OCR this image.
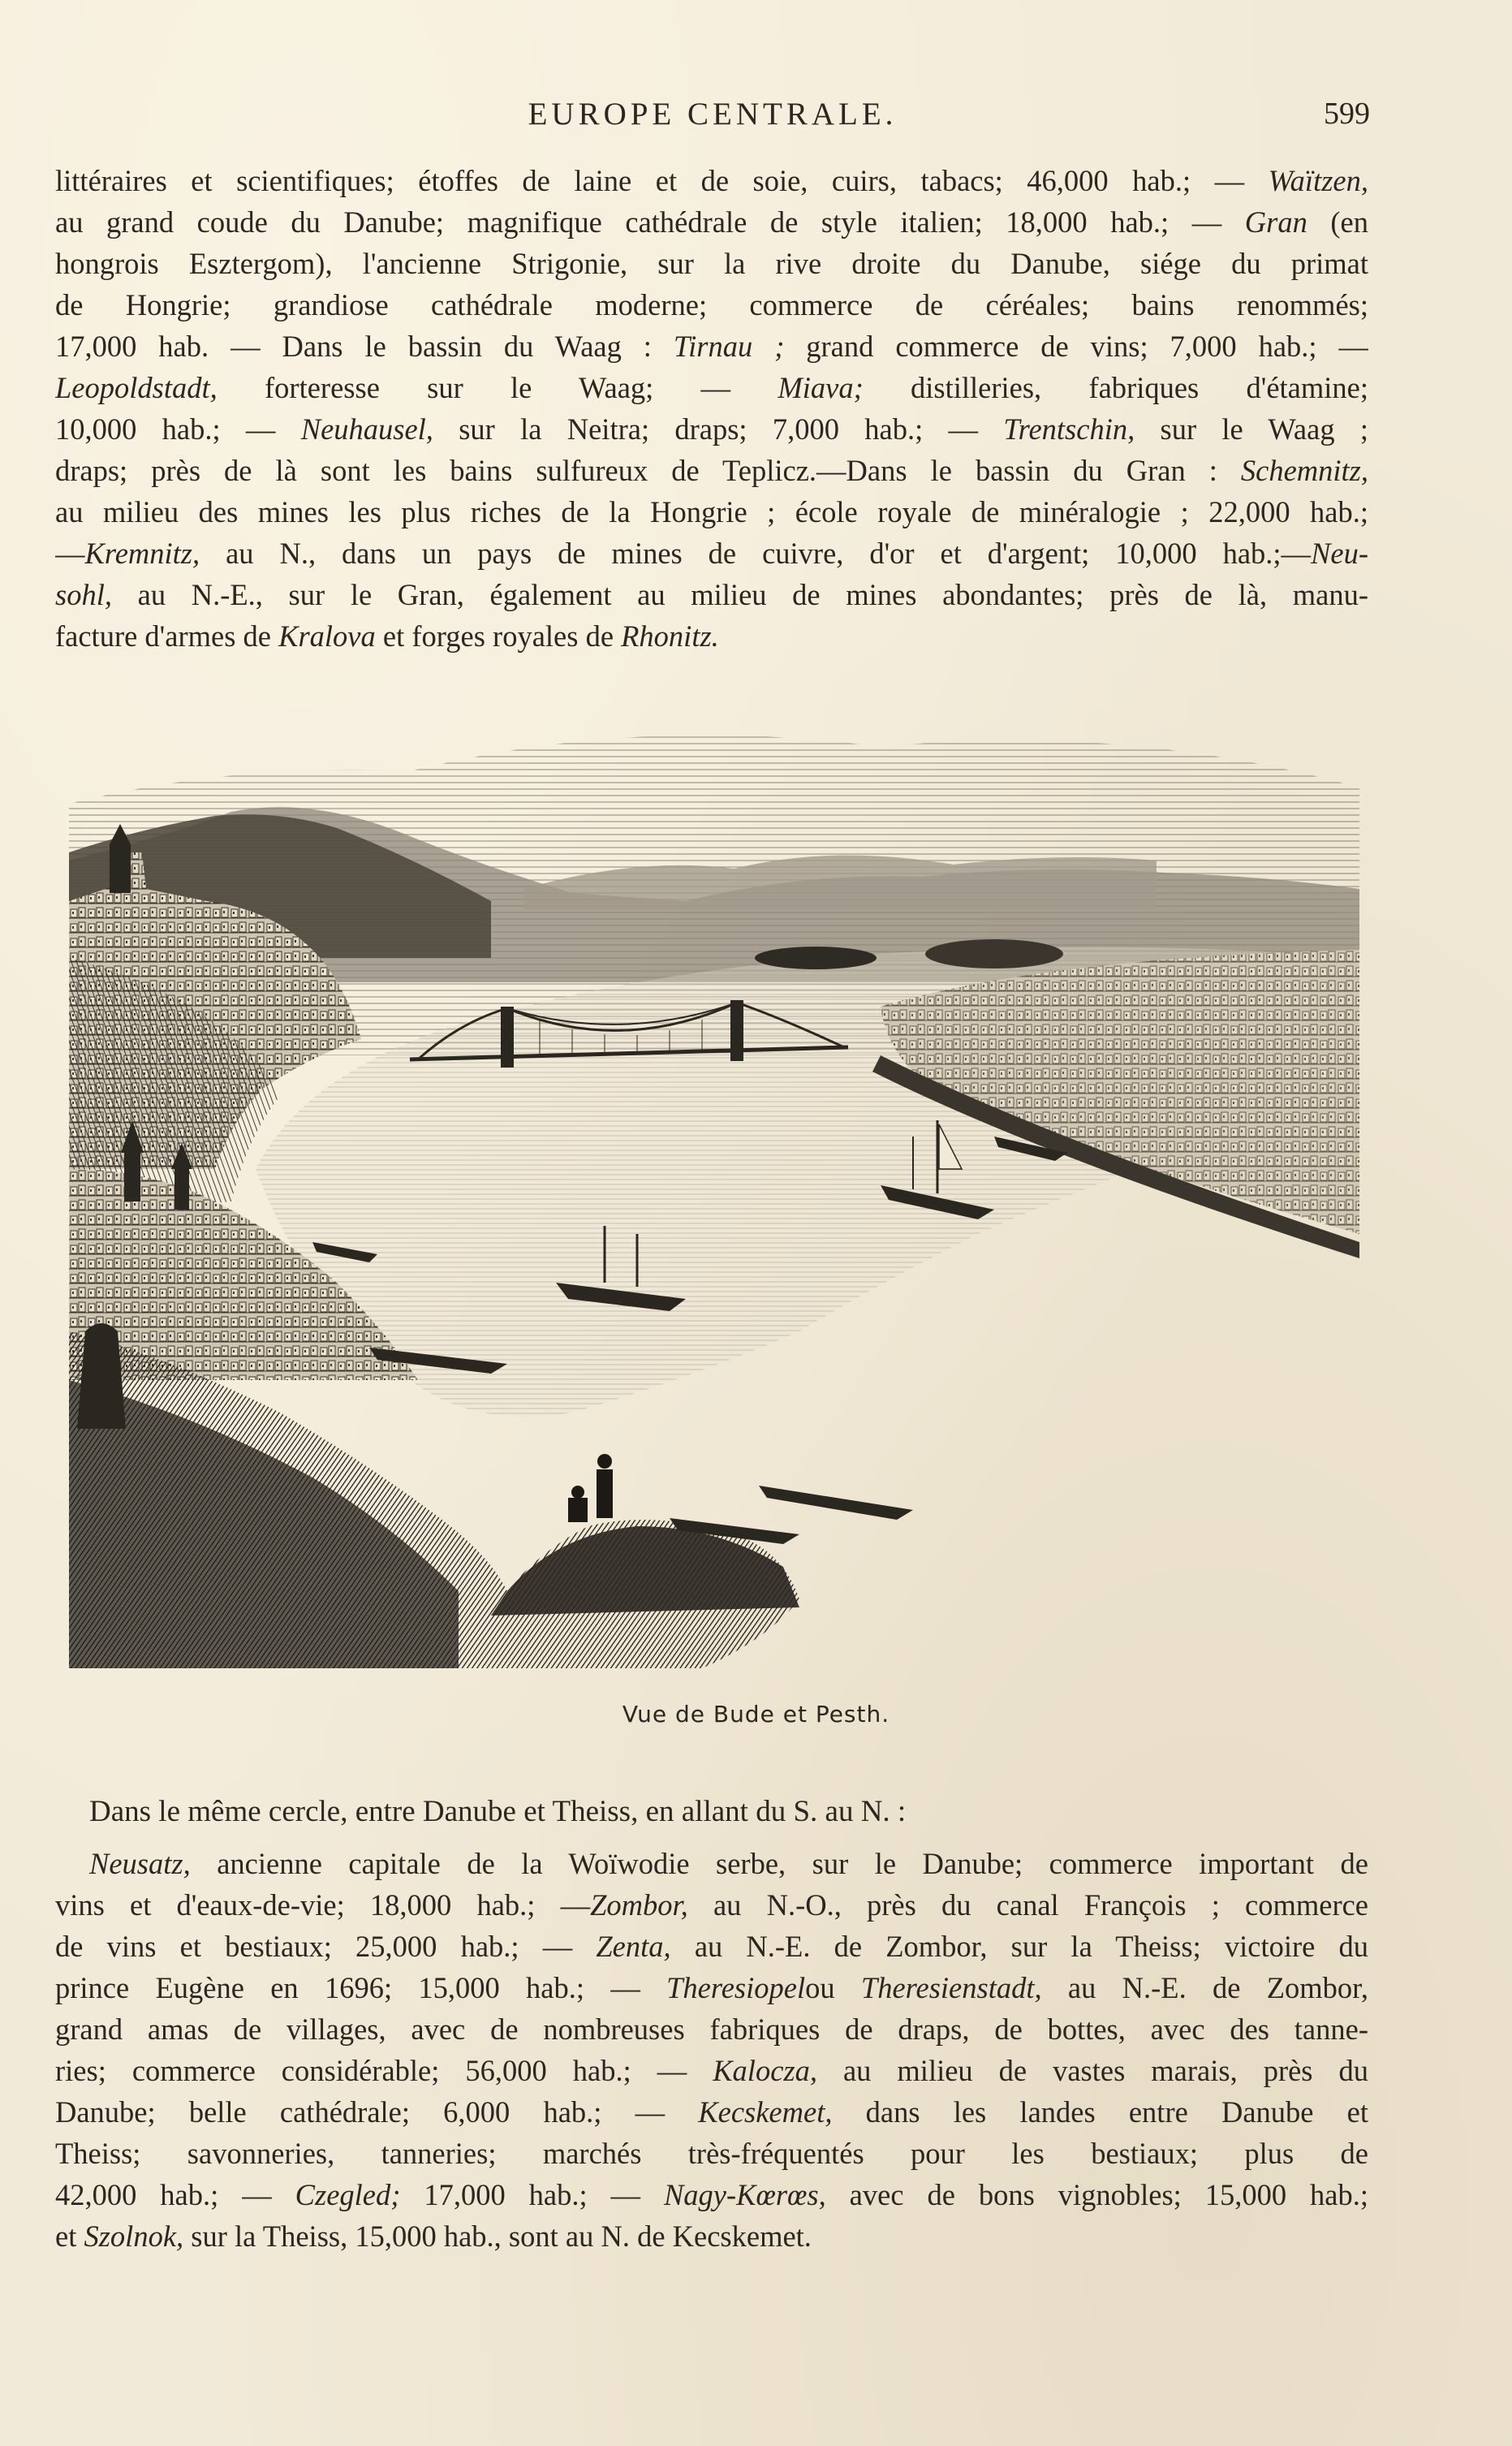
EUROPE CENTRALE.	599
littéraires et scientifiques; étoffes de laine et de soie, cuirs, tabacs; 46,000 hab.; — Waïtzen,
au grand coude du Danube; magnifique cathédrale de style italien; 18,000 hab.; — Gran (en
hongrois Esztergom), l'ancienne Strigonie, sur la rive droite du Danube, siége du primat
de Hongrie; grandiose cathédrale moderne; commerce de céréales; bains renommés;
17,000 hab. — Dans le bassin du Waag : Tirnau ; grand commerce de vins; 7,000 hab.; —
Leopoldstadt, forteresse sur le Waag; — Miava; distilleries, fabriques d'étamine;
10,000 hab.; — Neuhausel, sur la Neitra; draps; 7,000 hab.; — Trentschin, sur le Waag ;
draps; près de là sont les bains sulfureux de Teplicz.—Dans le bassin du Gran : Schemnitz,
au milieu des mines les plus riches de la Hongrie ; école royale de minéralogie ; 22,000 hab.;
—Kremnitz, au N., dans un pays de mines de cuivre, d'or et d'argent; 10,000 hab.;—Neu-
sohl, au N.-E., sur le Gran, également au milieu de mines abondantes; près de là, manu-
facture d'armes de Kralova et forges royales de Rhonitz.
Vue de Bude et Pesth.

Dans le même cercle, entre Danube et Theiss, en allant du S. au N. :

Neusatz, ancienne capitale de la Woïwodie serbe, sur le Danube; commerce important de
vins et d'eaux-de-vie; 18,000 hab.; —Zombor, au N.-O., près du canal François ; commerce
de vins et bestiaux; 25,000 hab.; — Zenta, au N.-E. de Zombor, sur la Theiss; victoire du
prince Eugène en 1696; 15,000 hab.; — Theresiopelou Theresienstadt, au N.-E. de Zombor,
grand amas de villages, avec de nombreuses fabriques de draps, de bottes, avec des tanne-
ries; commerce considérable; 56,000 hab.; — Kalocza, au milieu de vastes marais, près du
Danube; belle cathédrale; 6,000 hab.; — Kecskemet, dans les landes entre Danube et
Theiss; savonneries, tanneries; marchés très-fréquentés pour les bestiaux; plus de
42,000 hab.; — Czegled; 17,000 hab.; — Nagy-Kœrœs, avec de bons vignobles; 15,000 hab.;
et Szolnok, sur la Theiss, 15,000 hab., sont au N. de Kecskemet.
